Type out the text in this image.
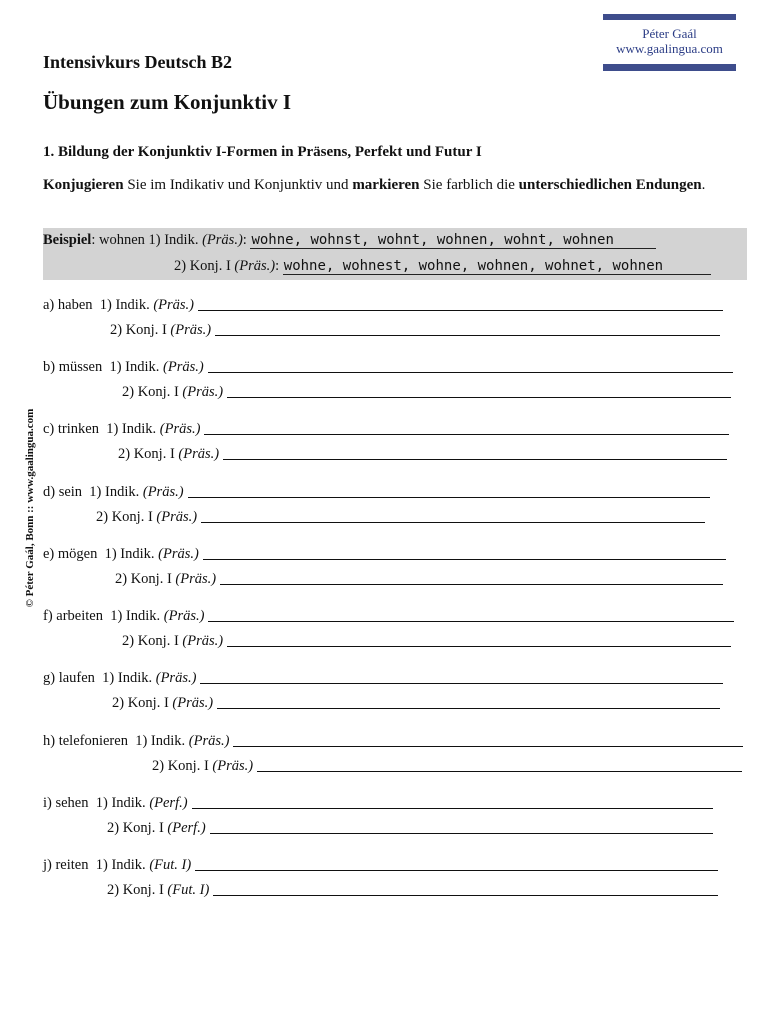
Péter Gaál
www.gaalingua.com
© Péter Gaál, Bonn :: www.gaalingua.com
Intensivkurs Deutsch B2
Übungen zum Konjunktiv I
1. Bildung der Konjunktiv I-Formen in Präsens, Perfekt und Futur I
Konjugieren Sie im Indikativ und Konjunktiv und markieren Sie farblich die unterschiedlichen Endungen.
Beispiel: wohnen 1) Indik. (Präs.): wohne, wohnst, wohnt, wohnen, wohnt, wohnen
2) Konj. I (Präs.): wohne, wohnest, wohne, wohnen, wohnet, wohnen
a) haben  1) Indik. (Präs.)
2) Konj. I (Präs.)
b) müssen  1) Indik. (Präs.)
2) Konj. I (Präs.)
c) trinken  1) Indik. (Präs.)
2) Konj. I (Präs.)
d) sein  1) Indik. (Präs.)
2) Konj. I (Präs.)
e) mögen  1) Indik. (Präs.)
2) Konj. I (Präs.)
f) arbeiten  1) Indik. (Präs.)
2) Konj. I (Präs.)
g) laufen  1) Indik. (Präs.)
2) Konj. I (Präs.)
h) telefonieren  1) Indik. (Präs.)
2) Konj. I (Präs.)
i) sehen  1) Indik. (Perf.)
2) Konj. I (Perf.)
j) reiten  1) Indik. (Fut. I)
2) Konj. I (Fut. I)
